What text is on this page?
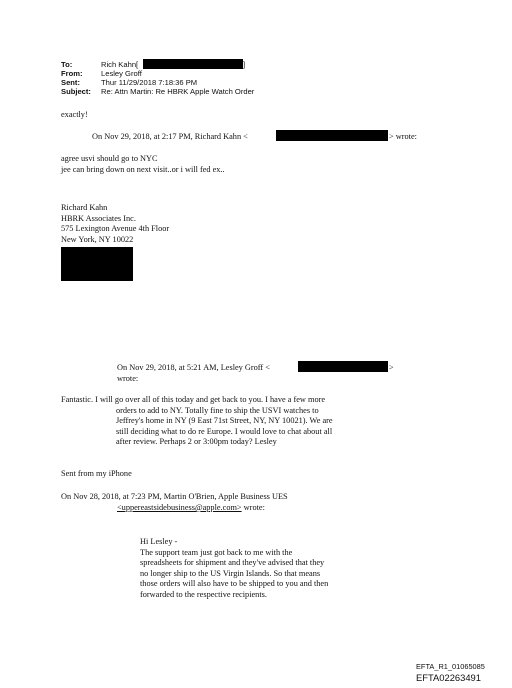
To:	Rich Kahn[
From: Lesley Groff
Sent:	Thur 11/29/2018 7:18:36 PM
Subject: Re: Attn Martin: Re HBRK Apple Watch Order
]
exactly!
On Nov 29, 2018, at 2:17 PM, Richard Kahn <	> wrote:
agree usvi should go to NYC
jee can bring down on next visit..or i will fed ex..
Richard Kahn
HBRK Associates Inc.
575 Lexington Avenue 4th Floor
New York, NY 10022
On Nov 29, 2018, at 5:21 AM, Lesley Groff <	>
wrote:
Fantastic. I will go over all of this today and get back to you. I have a few more
orders to add to NY. Totally fine to ship the USVI watches to
Jeffrey's home in NY (9 East 71st Street, NY, NY 10021). We are
still deciding what to do re Europe. I would love to chat about all
after review. Perhaps 2 or 3:00pm today? Lesley
Sent from my iPhone
On Nov 28, 2018, at 7:23 PM, Martin O'Brien, Apple Business UES
<uppereastsidebusiness@apple.com> wrote:
Hi Lesley -
The support team just got back to me with the
spreadsheets for shipment and they've advised that they
no longer ship to the US Virgin Islands. So that means
those orders will also have to be shipped to you and then
forwarded to the respective recipients.
EFTA_R1_01065085
EFTA02263491
